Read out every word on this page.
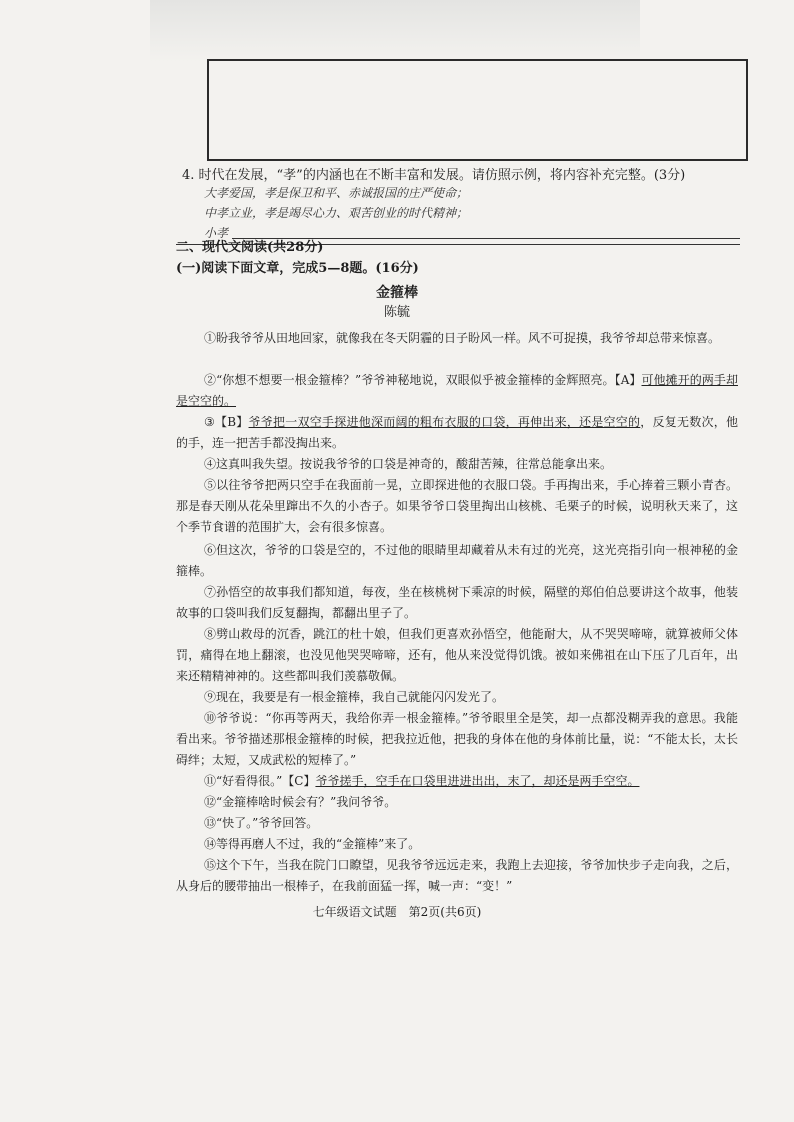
4. 时代在发展，“孝”的内涵也在不断丰富和发展。请仿照示例，将内容补充完整。(3分)
大孝爱国，孝是保卫和平、赤诚报国的庄严使命；
中孝立业，孝是竭尽心力、艰苦创业的时代精神；
小孝
二、现代文阅读(共28分)
(一)阅读下面文章，完成5—8题。(16分)
金箍棒
陈毓
①盼我爷爷从田地回家，就像我在冬天阴霾的日子盼风一样。风不可捉摸，我爷爷却总带来惊喜。
②“你想不想要一根金箍棒？”爷爷神秘地说，双眼似乎被金箍棒的金辉照亮。【A】可他摊开的两手却是空空的。
③【B】爷爷把一双空手探进他深而阔的粗布衣服的口袋，再伸出来，还是空空的，反复无数次，他的手，连一把苦手都没掏出来。
④这真叫我失望。按说我爷爷的口袋是神奇的，酸甜苦辣，往常总能拿出来。
⑤以往爷爷把两只空手在我面前一晃，立即探进他的衣服口袋。手再掏出来，手心捧着三颗小青杏。那是春天刚从花朵里蹿出不久的小杏子。如果爷爷口袋里掏出山核桃、毛栗子的时候，说明秋天来了，这个季节食谱的范围扩大，会有很多惊喜。
⑥但这次，爷爷的口袋是空的，不过他的眼睛里却藏着从未有过的光亮，这光亮指引向一根神秘的金箍棒。
⑦孙悟空的故事我们都知道，每夜，坐在核桃树下乘凉的时候，隔壁的郑伯伯总要讲这个故事，他装故事的口袋叫我们反复翻掏，都翻出里子了。
⑧劈山救母的沉香，跳江的杜十娘，但我们更喜欢孙悟空，他能耐大，从不哭哭啼啼，就算被师父体罚，痛得在地上翻滚，也没见他哭哭啼啼，还有，他从来没觉得饥饿。被如来佛祖在山下压了几百年，出来还精精神神的。这些都叫我们羡慕敬佩。
⑨现在，我要是有一根金箍棒，我自己就能闪闪发光了。
⑩爷爷说：“你再等两天，我给你弄一根金箍棒。”爷爷眼里全是笑，却一点都没糊弄我的意思。我能看出来。爷爷描述那根金箍棒的时候，把我拉近他，把我的身体在他的身体前比量，说：“不能太长，太长碍绊；太短，又成武松的短棒了。”
⑪“好看得很。”【C】爷爷搓手，空手在口袋里进进出出，末了，却还是两手空空。
⑫“金箍棒啥时候会有？”我问爷爷。
⑬“快了。”爷爷回答。
⑭等得再磨人不过，我的“金箍棒”来了。
⑮这个下午，当我在院门口瞭望，见我爷爷远远走来，我跑上去迎接，爷爷加快步子走向我，之后，从身后的腰带抽出一根棒子，在我前面猛一挥，喊一声：“变！”
七年级语文试题　第2页(共6页)
